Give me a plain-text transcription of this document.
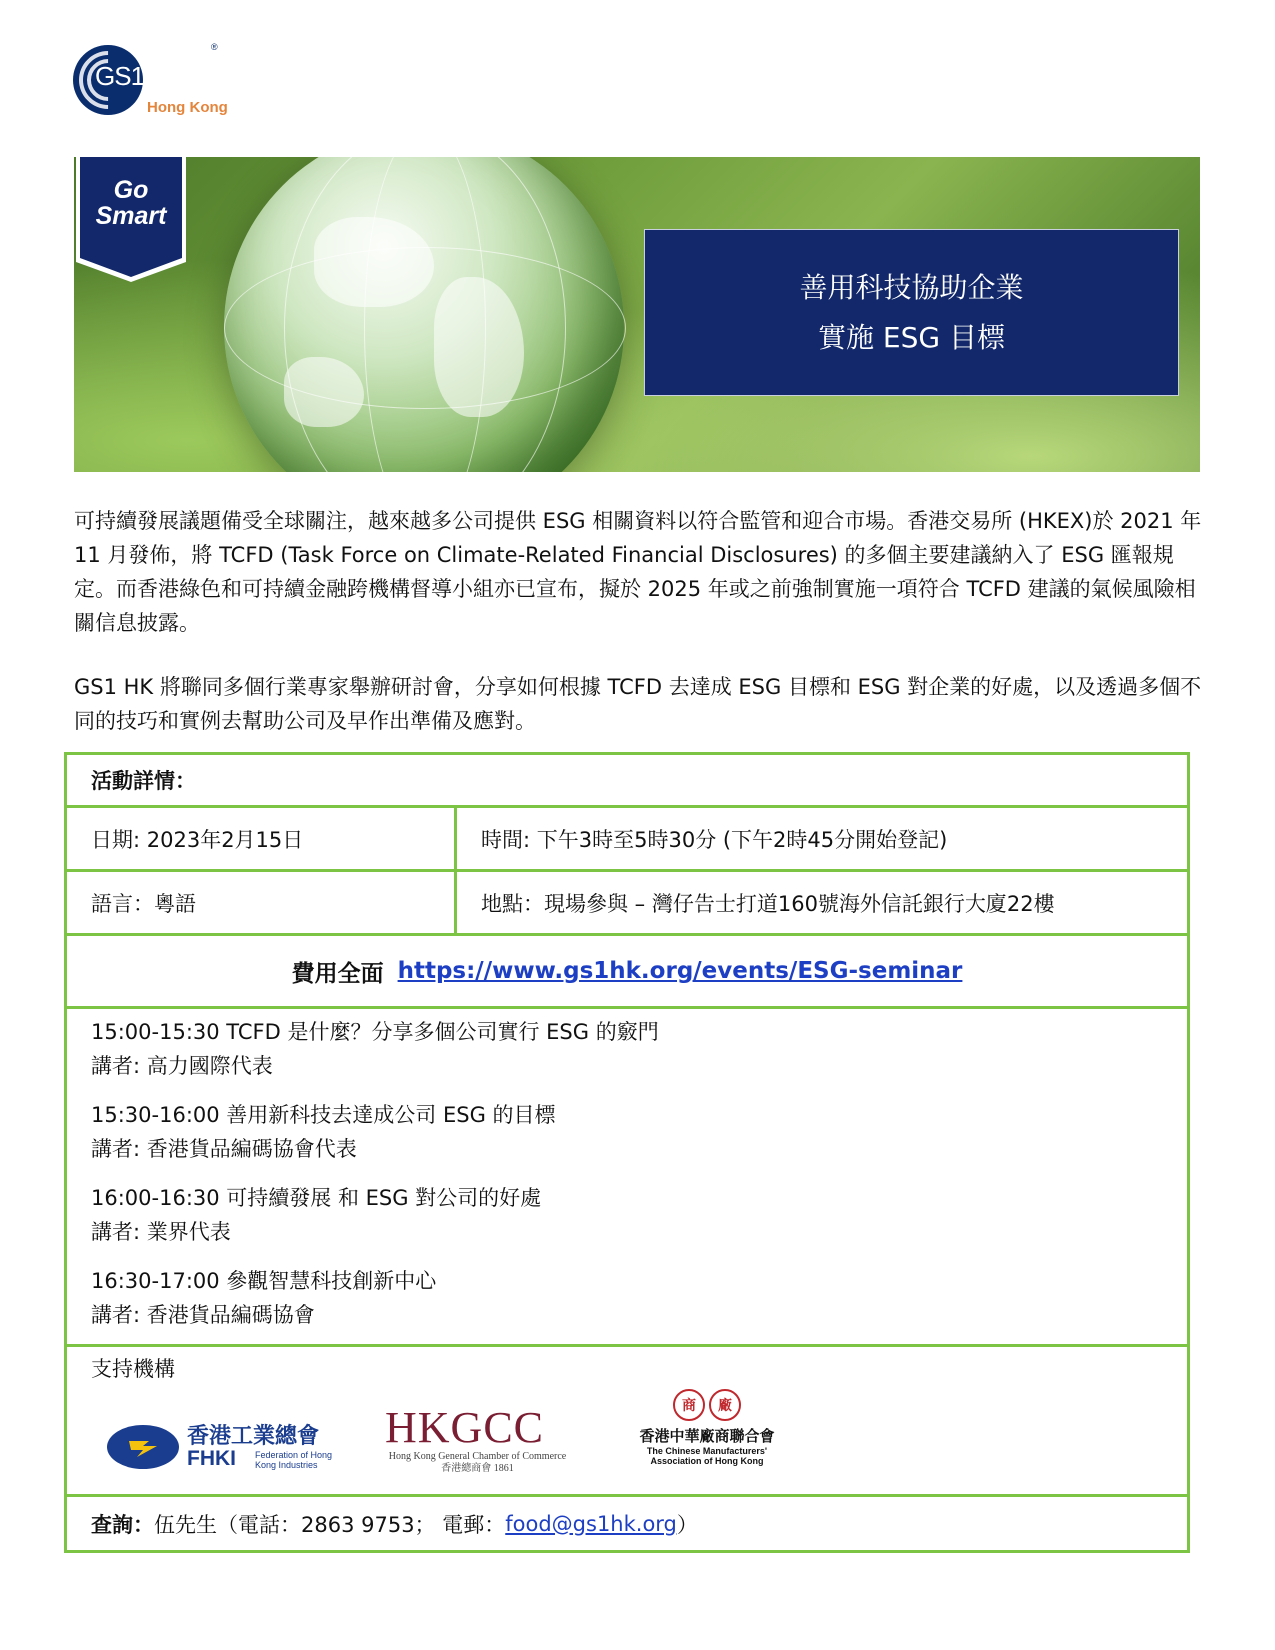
GS1
®
Hong Kong
Go
Smart
善用科技協助企業
實施 ESG 目標
可持續發展議題備受全球關注，越來越多公司提供 ESG 相關資料以符合監管和迎合市場。香港交易所 (HKEX)於 2021 年 11 月發佈，將 TCFD (Task Force on Climate-Related Financial Disclosures) 的多個主要建議納入了 ESG 匯報規定。而香港綠色和可持續金融跨機構督導小組亦已宣布，擬於 2025 年或之前強制實施一項符合 TCFD 建議的氣候風險相關信息披露。
GS1 HK 將聯同多個行業專家舉辦研討會，分享如何根據 TCFD 去達成 ESG 目標和 ESG 對企業的好處，以及透過多個不同的技巧和實例去幫助公司及早作出準備及應對。
活動詳情：
日期: 2023年2月15日	時間: 下午3時至5時30分 (下午2時45分開始登記)
語言：粵語	地點：現場參與 – 灣仔告士打道160號海外信託銀行大廈22樓
費用全面 https://www.gs1hk.org/events/ESG-seminar
15:00-15:30 TCFD 是什麼？分享多個公司實行 ESG 的竅門
講者: 高力國際代表
15:30-16:00 善用新科技去達成公司 ESG 的目標
講者: 香港貨品編碼協會代表
16:00-16:30 可持續發展 和 ESG 對公司的好處
講者: 業界代表
16:30-17:00 參觀智慧科技創新中心
講者: 香港貨品編碼協會
支持機構
香港工業總會
FHKI Federation of Hong Kong Industries
HKGCC
Hong Kong General Chamber of Commerce
香港總商會 1861
商	廠
香港中華廠商聯合會
The Chinese Manufacturers'
Association of Hong Kong
查詢： 伍先生（電話：2863 9753； 電郵： food@gs1hk.org ）
